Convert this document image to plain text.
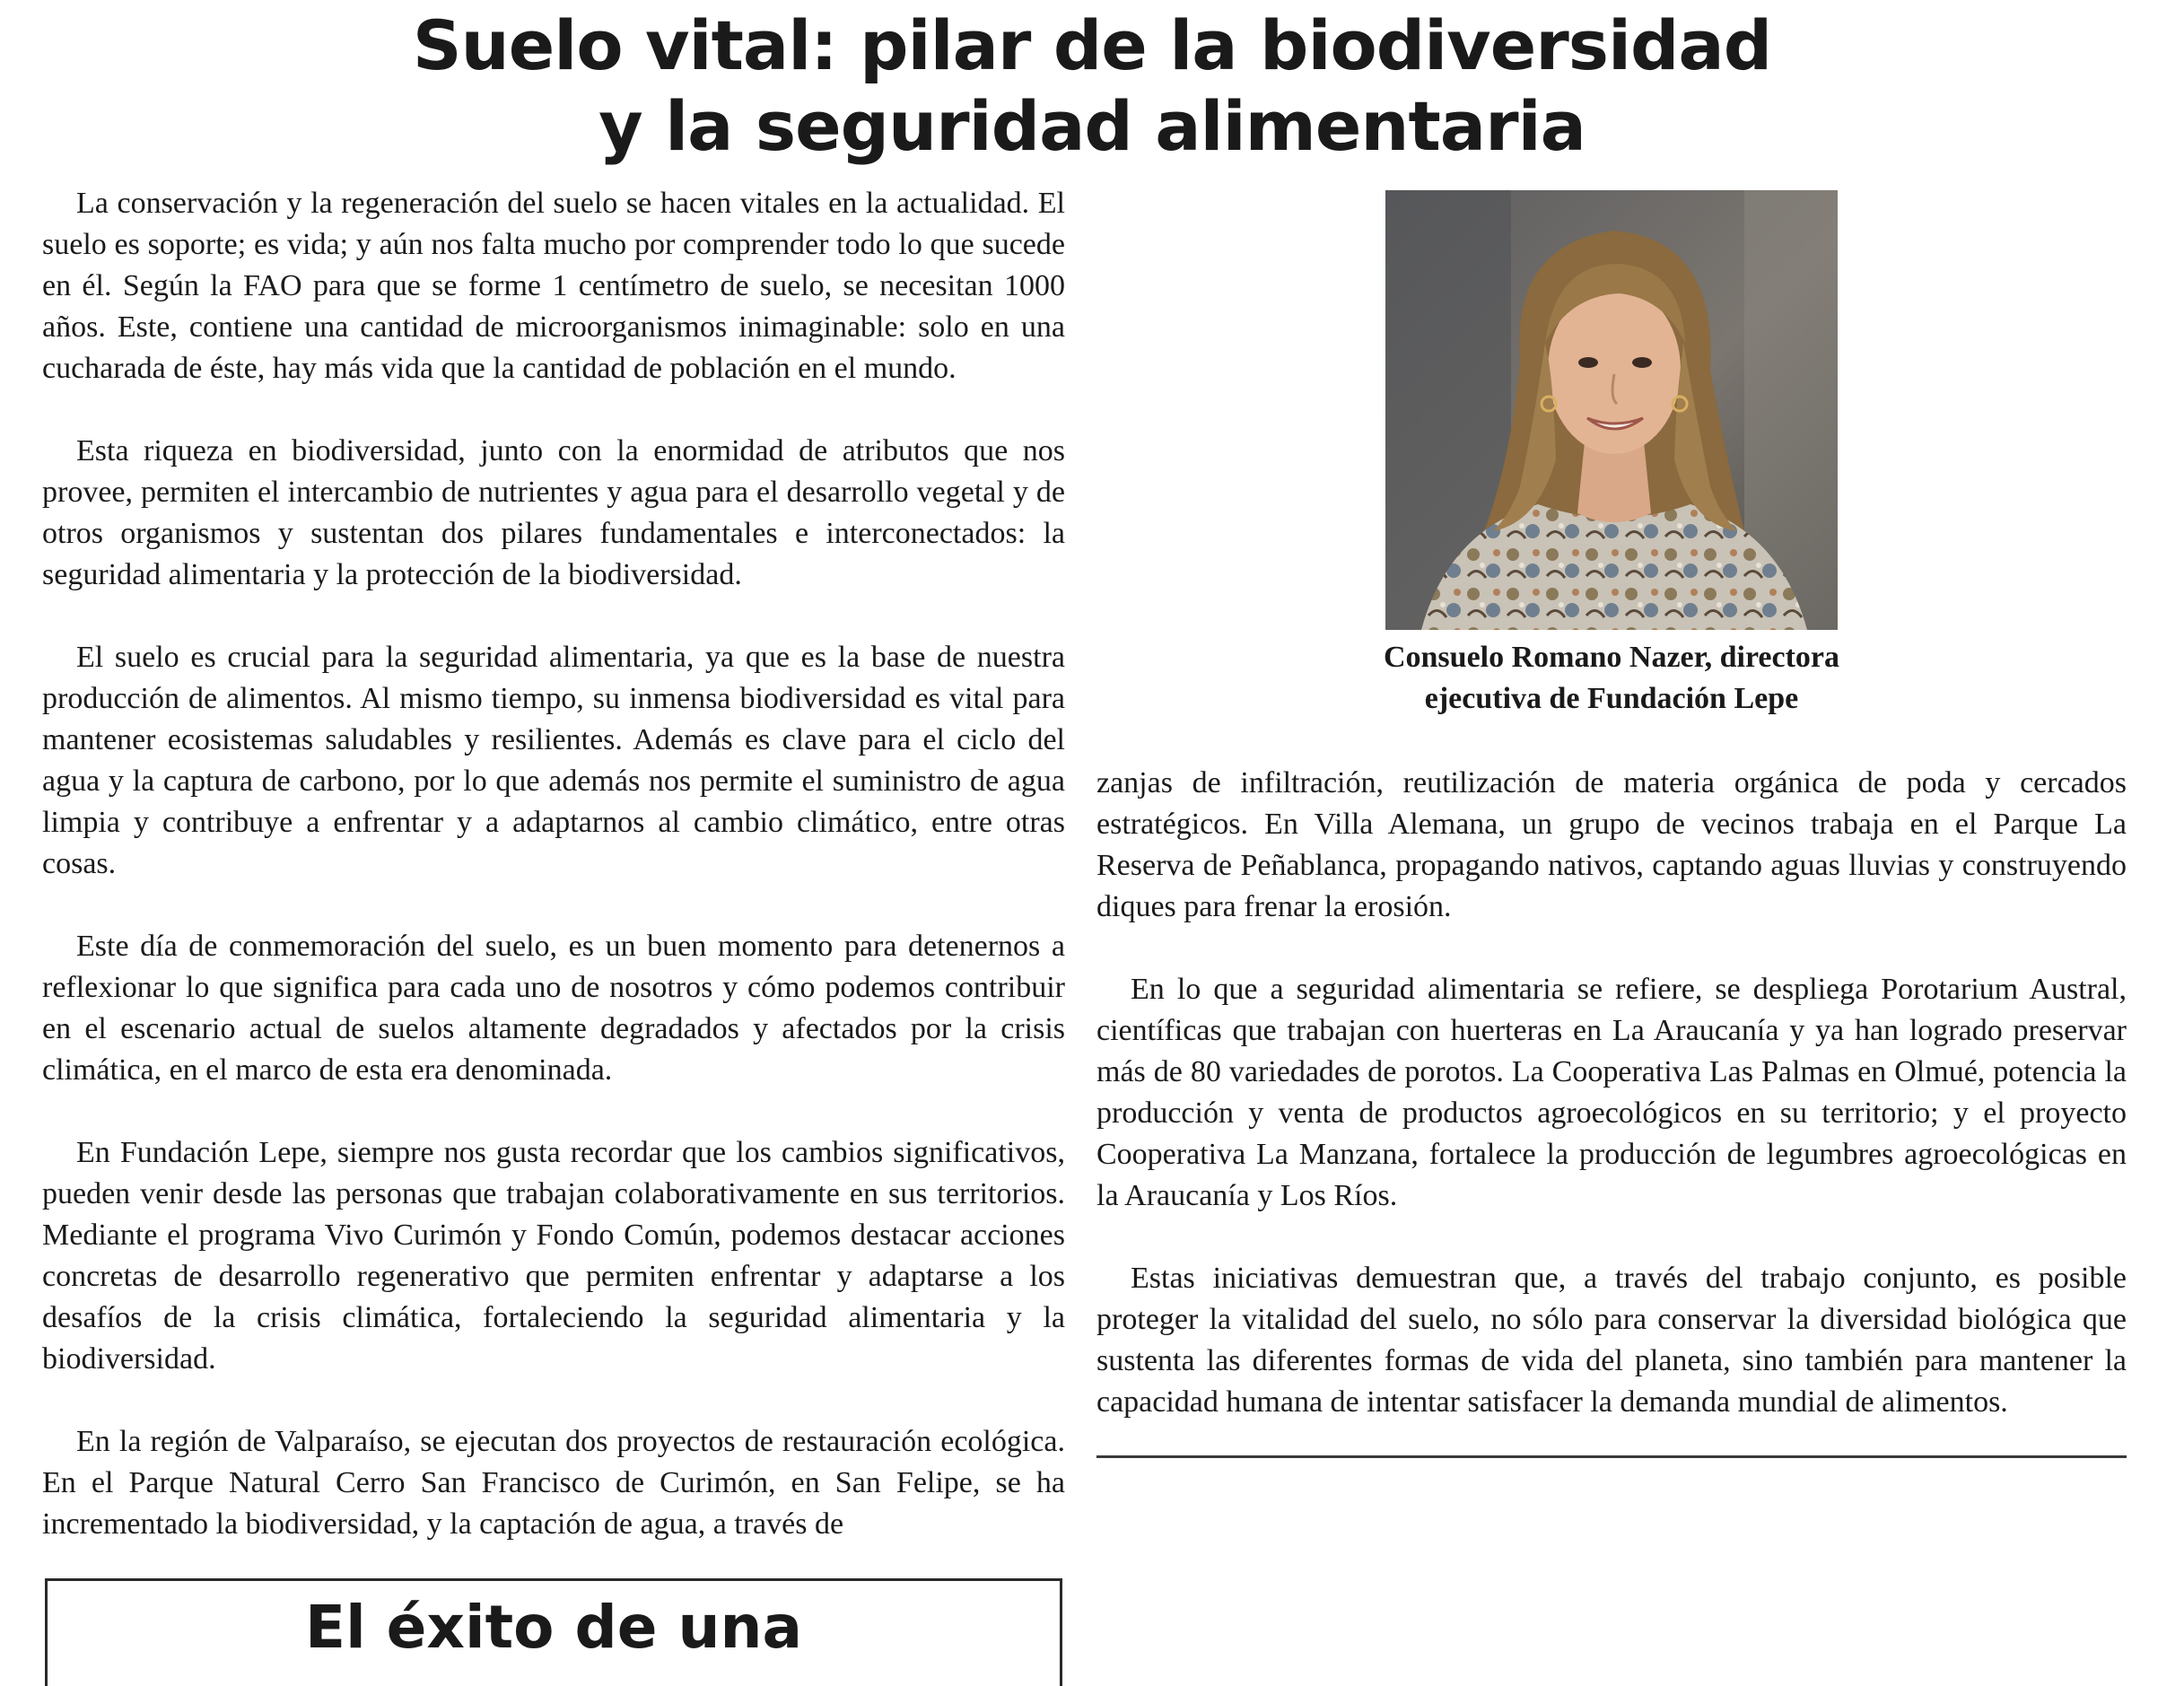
Suelo vital: pilar de la biodiversidad
y la seguridad alimentaria

La conservación y la regeneración del suelo se hacen vitales en la actualidad. El suelo es soporte; es vida; y aún nos falta mucho por comprender todo lo que sucede en él. Según la FAO para que se forme 1 centímetro de suelo, se necesitan 1000 años. Este, contiene una cantidad de microorganismos inimaginable: solo en una cucharada de éste, hay más vida que la cantidad de población en el mundo.

Esta riqueza en biodiversidad, junto con la enormidad de atributos que nos provee, permiten el intercambio de nutrientes y agua para el desarrollo vegetal y de otros organismos y sustentan dos pilares fundamentales e interconectados: la seguridad alimentaria y la protección de la biodiversidad.

El suelo es crucial para la seguridad alimentaria, ya que es la base de nuestra producción de alimentos. Al mismo tiempo, su inmensa biodiversidad es vital para mantener ecosistemas saludables y resilientes. Además es clave para el ciclo del agua y la captura de carbono, por lo que además nos permite el suministro de agua limpia y contribuye a enfrentar y a adaptarnos al cambio climático, entre otras cosas.

Este día de conmemoración del suelo, es un buen momento para detenernos a reflexionar lo que significa para cada uno de nosotros y cómo podemos contribuir en el escenario actual de suelos altamente degradados y afectados por la crisis climática, en el marco de esta era denominada.

En Fundación Lepe, siempre nos gusta recordar que los cambios significativos, pueden venir desde las personas que trabajan colaborativamente en sus territorios. Mediante el programa Vivo Curimón y Fondo Común, podemos destacar acciones concretas de desarrollo regenerativo que permiten enfrentar y adaptarse a los desafíos de la crisis climática, fortaleciendo la seguridad alimentaria y la biodiversidad.

En la región de Valparaíso, se ejecutan dos proyectos de restauración ecológica. En el Parque Natural Cerro San Francisco de Curimón, en San Felipe, se ha incrementado la biodiversidad, y la captación de agua, a través de

Consuelo Romano Nazer, directora
ejecutiva de Fundación Lepe

zanjas de infiltración, reutilización de materia orgánica de poda y cercados estratégicos. En Villa Alemana, un grupo de vecinos trabaja en el Parque La Reserva de Peñablanca, propagando nativos, captando aguas lluvias y construyendo diques para frenar la erosión.

En lo que a seguridad alimentaria se refiere, se despliega Porotarium Austral, científicas que trabajan con huerteras en La Araucanía y ya han logrado preservar más de 80 variedades de porotos. La Cooperativa Las Palmas en Olmué, potencia la producción y venta de productos agroecológicos en su territorio; y el proyecto Cooperativa La Manzana, fortalece la producción de legumbres agroecológicas en la Araucanía y Los Ríos.

Estas iniciativas demuestran que, a través del trabajo conjunto, es posible proteger la vitalidad del suelo, no sólo para conservar la diversidad biológica que sustenta las diferentes formas de vida del planeta, sino también para mantener la capacidad humana de intentar satisfacer la demanda mundial de alimentos.

El éxito de una
